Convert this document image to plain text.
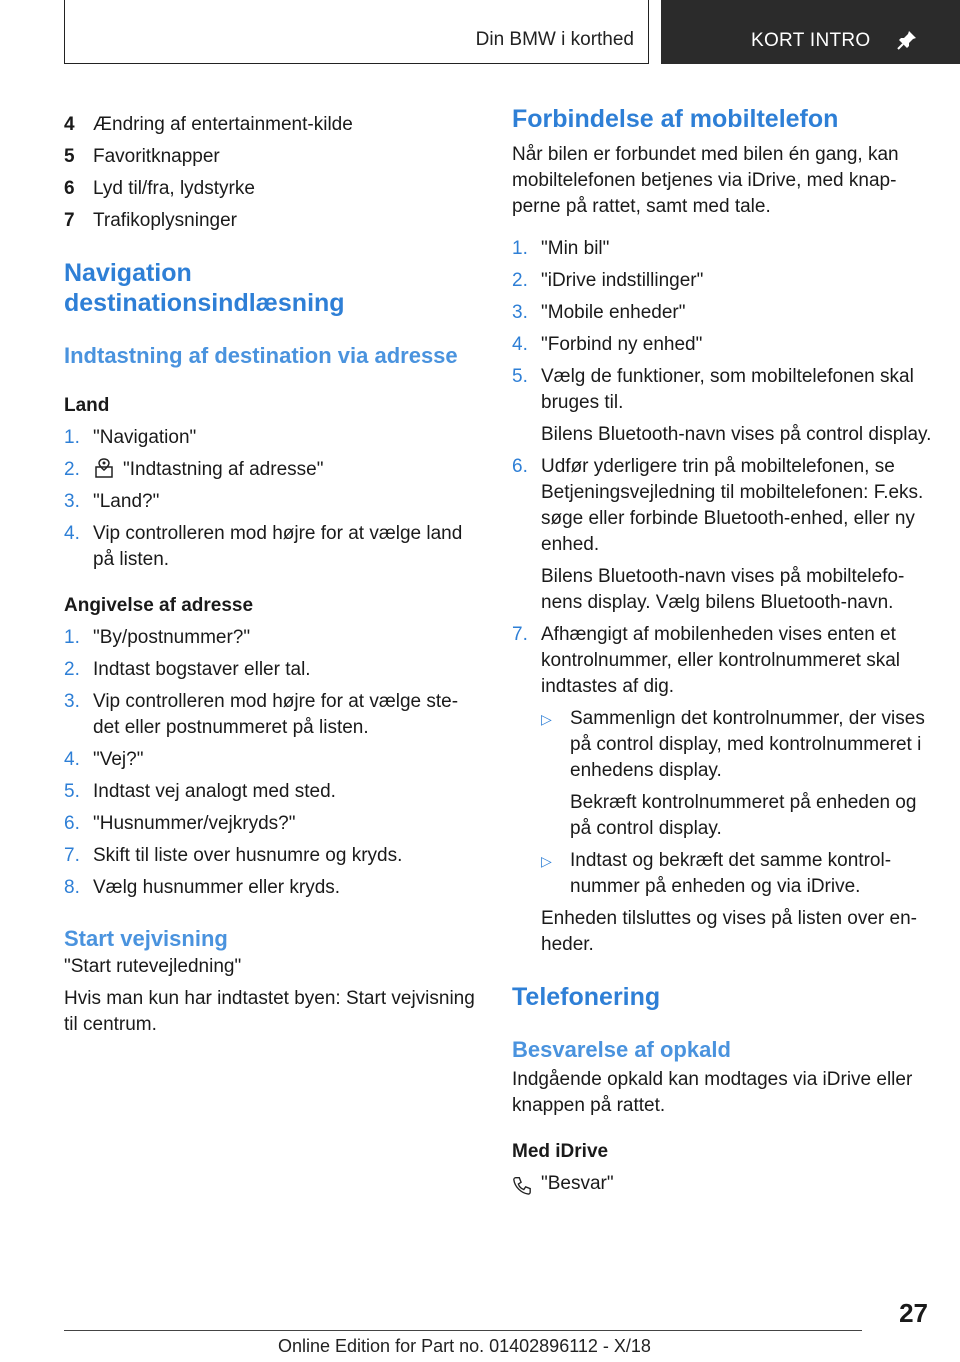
Din BMW i korthed	KORT INTRO
4 Ændring af entertainment-kilde
5 Favoritknapper
6 Lyd til/fra, lydstyrke
7 Trafikoplysninger
Navigation destinationsindlæsning
Indtastning af destination via adresse
Land
1. "Navigation"
2.	"Indtastning af adresse"
3. "Land?"
4. Vip controlleren mod højre for at vælge land på listen.
Angivelse af adresse
1. "By/postnummer?"
2. Indtast bogstaver eller tal.
3. Vip controlleren mod højre for at vælge stedet eller postnummeret på listen.
4. "Vej?"
5. Indtast vej analogt med sted.
6. "Husnummer/vejkryds?"
7. Skift til liste over husnumre og kryds.
8. Vælg husnummer eller kryds.
Start vejvisning
"Start rutevejledning"
Hvis man kun har indtastet byen: Start vejvisning til centrum.
Forbindelse af mobiltelefon
Når bilen er forbundet med bilen én gang, kan mobiltelefonen betjenes via iDrive, med knapperne på rattet, samt med tale.
1. "Min bil"
2. "iDrive indstillinger"
3. "Mobile enheder"
4. "Forbind ny enhed"
5. Vælg de funktioner, som mobiltelefonen skal bruges til.
Bilens Bluetooth-navn vises på control display.
6. Udfør yderligere trin på mobiltelefonen, se Betjeningsvejledning til mobiltelefonen: F.eks. søge eller forbinde Bluetooth-enhed, eller ny enhed.
Bilens Bluetooth-navn vises på mobiltelefonens display. Vælg bilens Bluetooth-navn.
7. Afhængigt af mobilenheden vises enten et kontrolnummer, eller kontrolnummeret skal indtastes af dig.
▷ Sammenlign det kontrolnummer, der vises på control display, med kontrolnummeret i enhedens display.
Bekræft kontrolnummeret på enheden og på control display.
▷ Indtast og bekræft det samme kontrolnummer på enheden og via iDrive.
Enheden tilsluttes og vises på listen over enheder.
Telefonering
Besvarelse af opkald
Indgående opkald kan modtages via iDrive eller knappen på rattet.
Med iDrive
"Besvar"
27
Online Edition for Part no. 01402896112 - X/18
